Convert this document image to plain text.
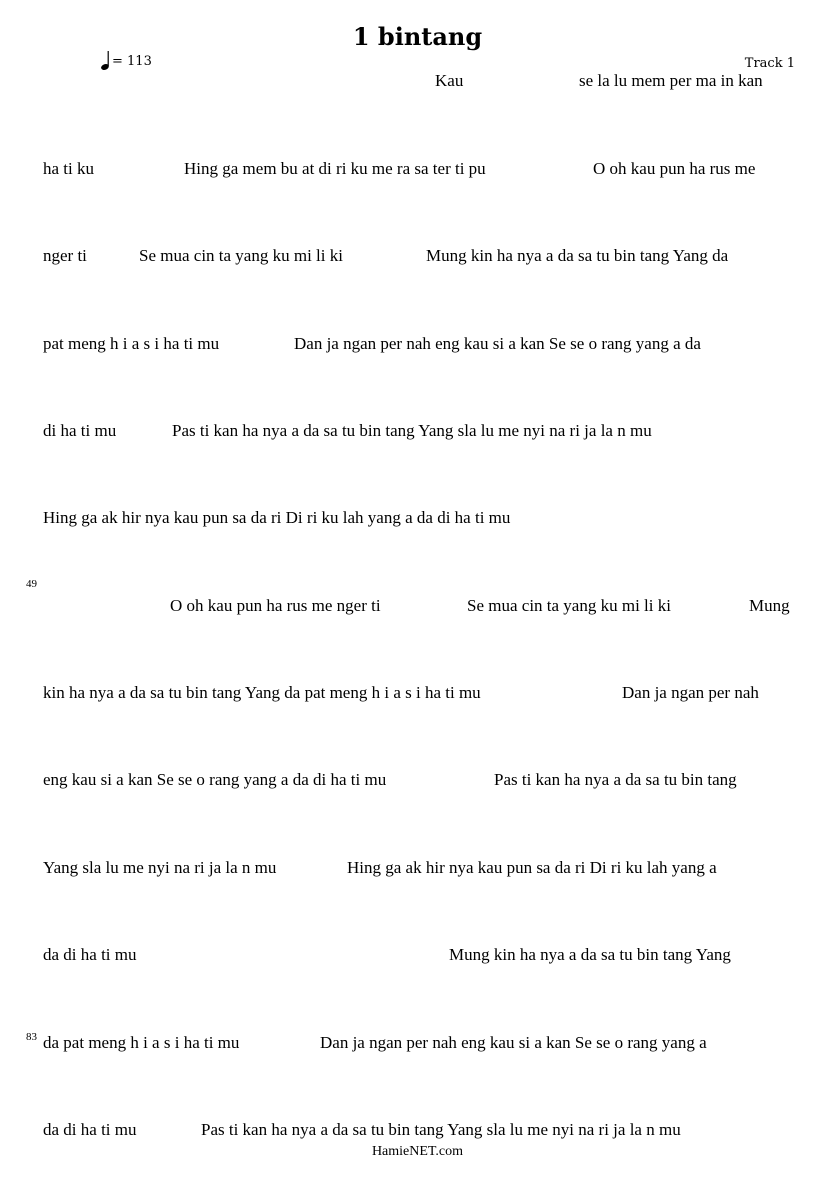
1 bintang
= 113	Track 1
49
83
Kau	se la lu mem per ma in kan
ha ti ku	Hing ga mem bu at di ri ku me ra sa ter ti pu	O oh kau pun ha rus me
nger ti	Se mua cin ta yang ku mi li ki	Mung kin ha nya a da sa tu bin tang Yang da
pat meng h i a s i ha ti mu	Dan ja ngan per nah eng kau si a kan Se se o rang yang a da
di ha ti mu	Pas ti kan ha nya a da sa tu bin tang Yang sla lu me nyi na ri ja la n mu
Hing ga ak hir nya kau pun sa da ri Di ri ku lah yang a da di ha ti mu
O oh kau pun ha rus me nger ti	Se mua cin ta yang ku mi li ki	Mung
kin ha nya a da sa tu bin tang Yang da pat meng h i a s i ha ti mu	Dan ja ngan per nah
eng kau si a kan Se se o rang yang a da di ha ti mu	Pas ti kan ha nya a da sa tu bin tang
Yang sla lu me nyi na ri ja la n mu	Hing ga ak hir nya kau pun sa da ri Di ri ku lah yang a
da di ha ti mu	Mung kin ha nya a da sa tu bin tang Yang
da pat meng h i a s i ha ti mu	Dan ja ngan per nah eng kau si a kan Se se o rang yang a
da di ha ti mu	Pas ti kan ha nya a da sa tu bin tang Yang sla lu me nyi na ri ja la n mu
HamieNET.com
